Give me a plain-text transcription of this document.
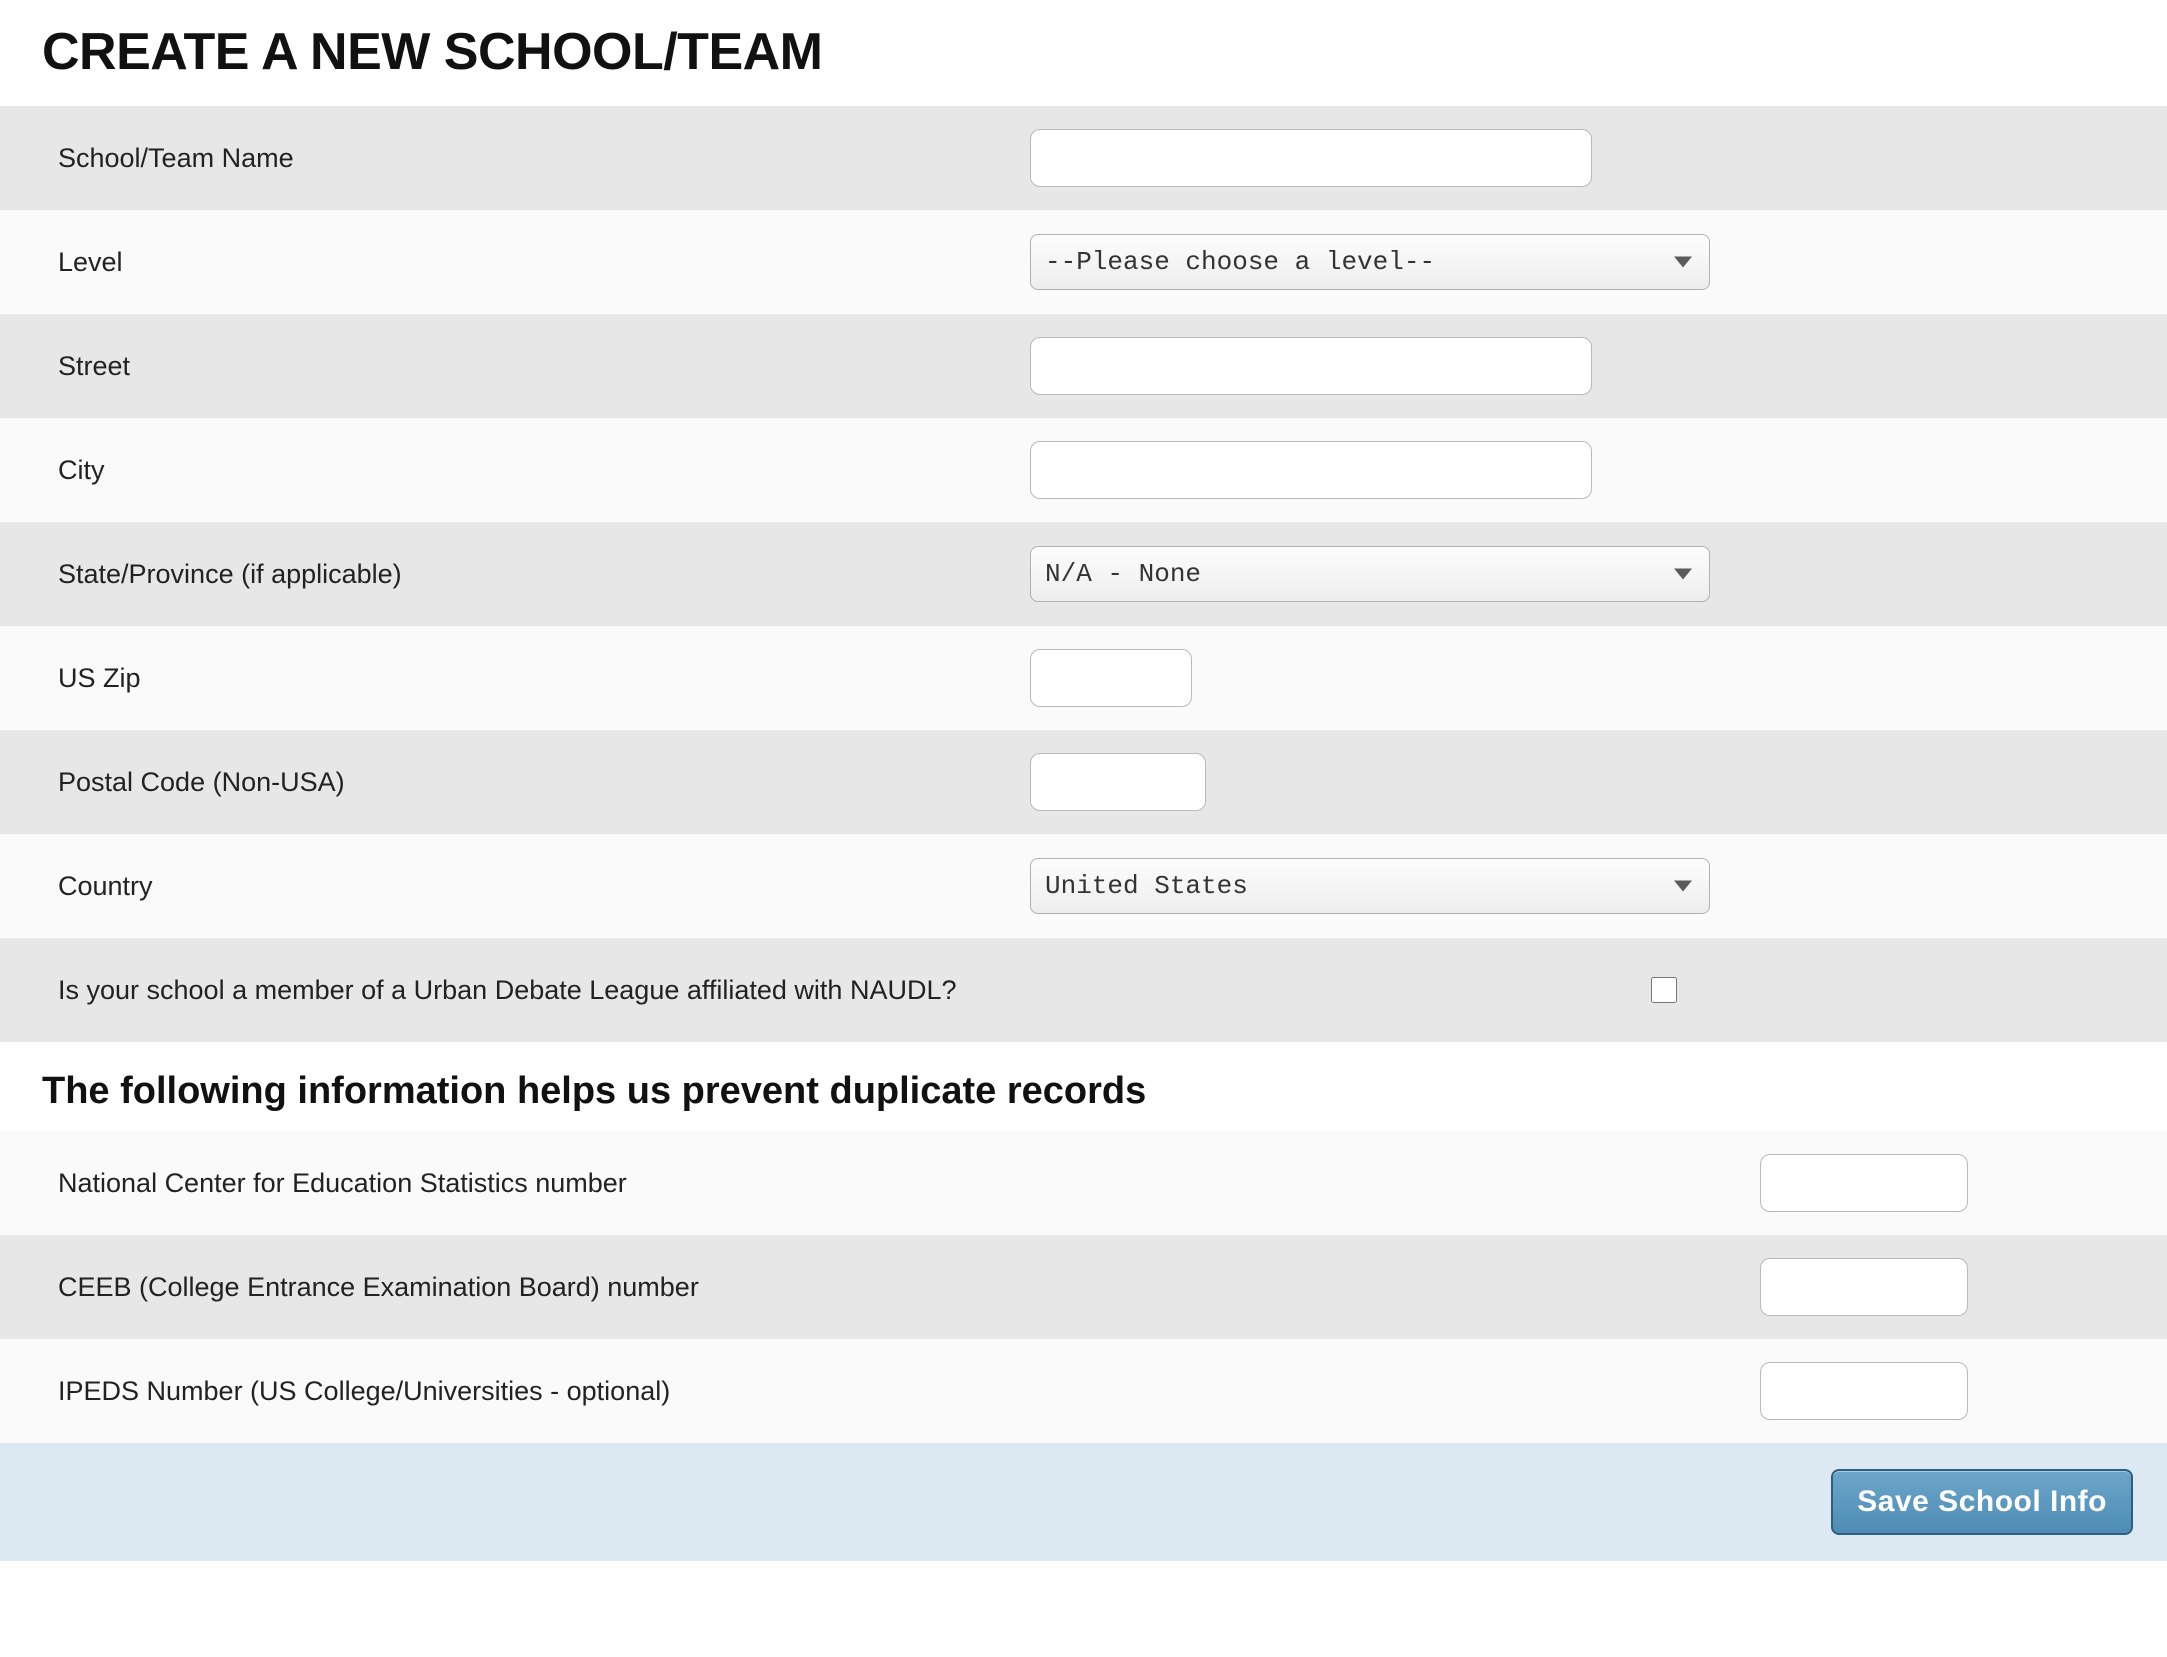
CREATE A NEW SCHOOL/TEAM
School/Team Name
Level
--Please choose a level--
Street
City
State/Province (if applicable)
N/A - None
US Zip
Postal Code (Non-USA)
Country
United States
Is your school a member of a Urban Debate League affiliated with NAUDL?
The following information helps us prevent duplicate records
National Center for Education Statistics number
CEEB (College Entrance Examination Board) number
IPEDS Number (US College/Universities - optional)
Save School Info
